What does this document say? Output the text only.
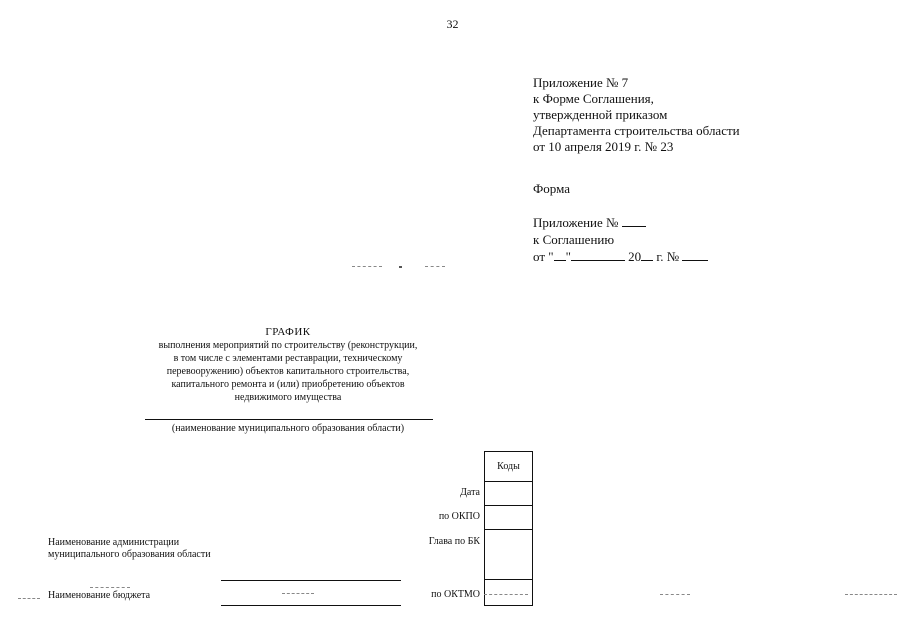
32
Приложение № 7
к Форме Соглашения,
утвержденной приказом
Департамента строительства области
от 10 апреля 2019 г. № 23
Форма
Приложение №
к Соглашению
от " "	20 г. №
ГРАФИК
выполнения мероприятий по строительству (реконструкции,
в том числе с элементами реставрации, техническому
перевооружению) объектов капитального строительства,
капитального ремонта и (или) приобретению объектов
недвижимого имущества
(наименование муниципального образования области)
Коды

Дата
по ОКПО
Глава по БК
по ОКТМО
Наименование администрации муниципального образования области
Наименование бюджета
